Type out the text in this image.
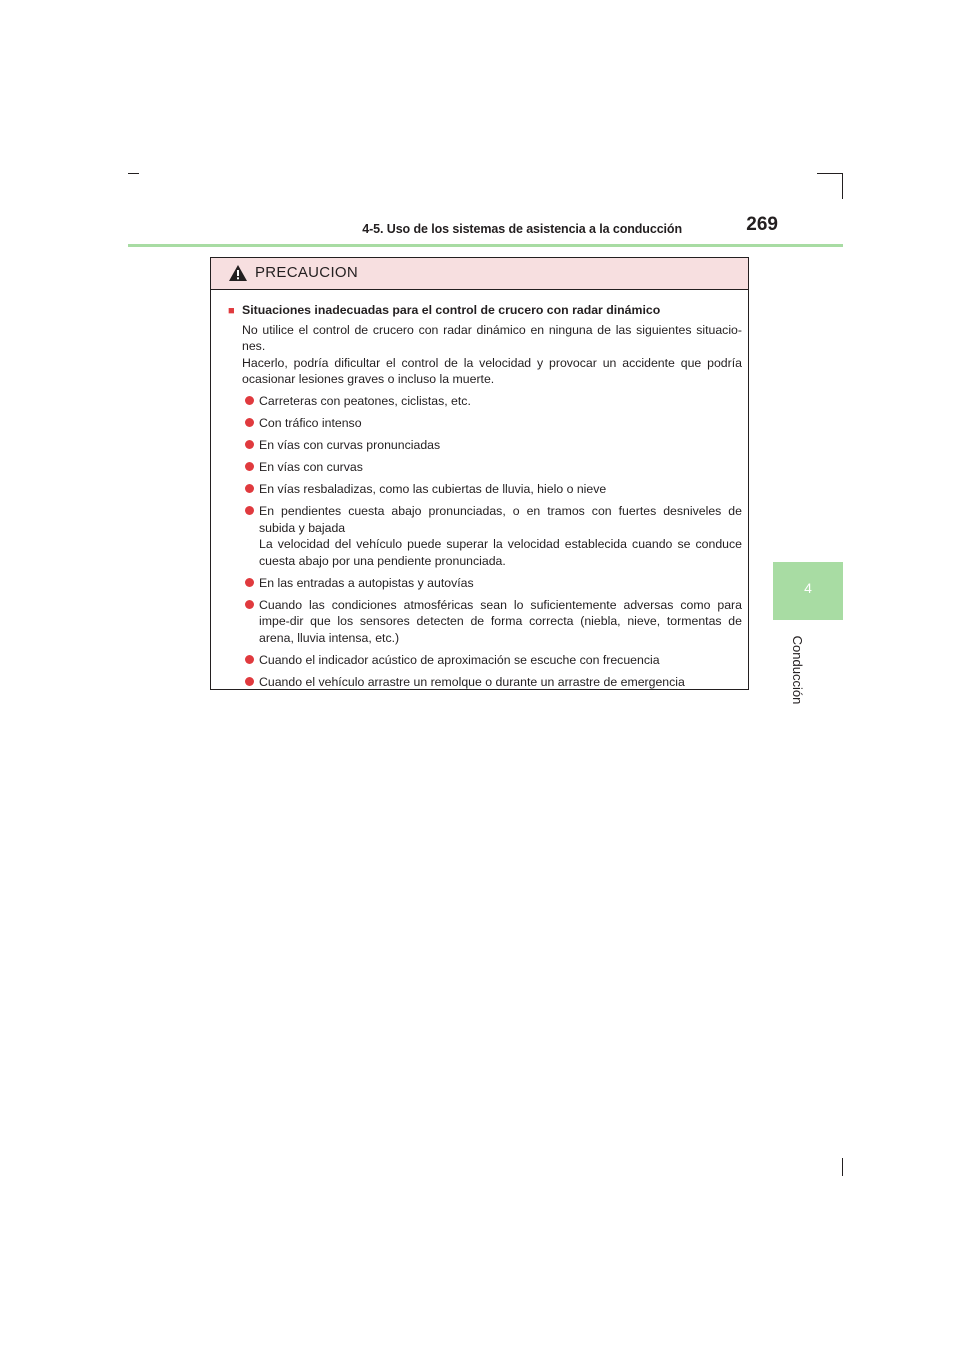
4-5. Uso de los sistemas de asistencia a la conducción	269
4
Conducción
PRECAUCION
■ Situaciones inadecuadas para el control de crucero con radar dinámico
No utilice el control de crucero con radar dinámico en ninguna de las siguientes situacio-nes.
Hacerlo, podría dificultar el control de la velocidad y provocar un accidente que podría ocasionar lesiones graves o incluso la muerte.
Carreteras con peatones, ciclistas, etc.
Con tráfico intenso
En vías con curvas pronunciadas
En vías con curvas
En vías resbaladizas, como las cubiertas de lluvia, hielo o nieve
En pendientes cuesta abajo pronunciadas, o en tramos con fuertes desniveles de subida y bajada
La velocidad del vehículo puede superar la velocidad establecida cuando se conduce cuesta abajo por una pendiente pronunciada.
En las entradas a autopistas y autovías
Cuando las condiciones atmosféricas sean lo suficientemente adversas como para impe-dir que los sensores detecten de forma correcta (niebla, nieve, tormentas de arena, lluvia intensa, etc.)
Cuando el indicador acústico de aproximación se escuche con frecuencia
Cuando el vehículo arrastre un remolque o durante un arrastre de emergencia
